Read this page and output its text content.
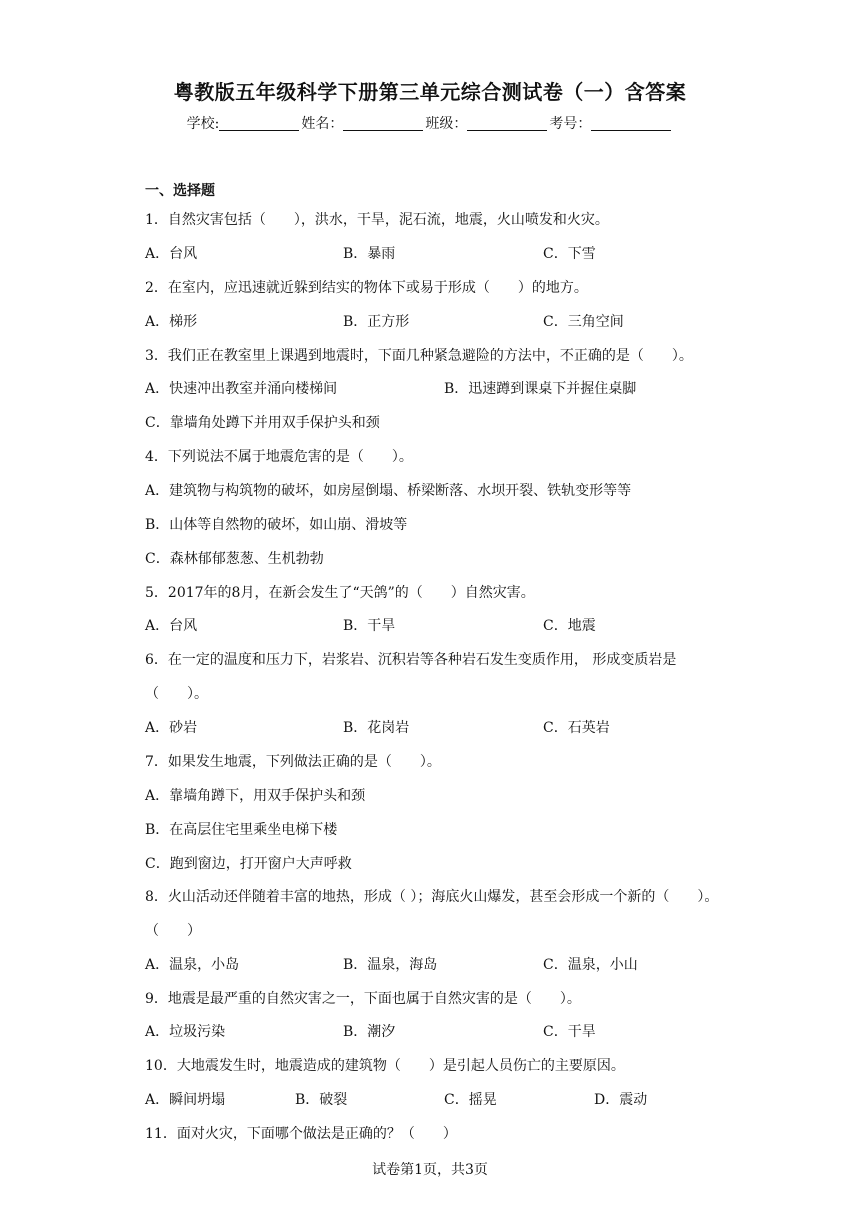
粤教版五年级科学下册第三单元综合测试卷（一）含答案
学校:	姓名：	班级：	考号：
一、选择题
1．自然灾害包括（　　），洪水，干旱，泥石流，地震，火山喷发和火灾。
A．台风	B．暴雨	C．下雪
2．在室内，应迅速就近躲到结实的物体下或易于形成（　　）的地方。
A．梯形	B．正方形	C．三角空间
3．我们正在教室里上课遇到地震时，下面几种紧急避险的方法中，不正确的是（　　）。
A．快速冲出教室并涌向楼梯间	B．迅速蹲到课桌下并握住桌脚
C．靠墙角处蹲下并用双手保护头和颈
4．下列说法不属于地震危害的是（　　）。
A．建筑物与构筑物的破坏，如房屋倒塌、桥梁断落、水坝开裂、铁轨变形等等
B．山体等自然物的破坏，如山崩、滑坡等
C．森林郁郁葱葱、生机勃勃
5．2017年的8月，在新会发生了“天鸽”的（　　）自然灾害。
A．台风	B．干旱	C．地震
6．在一定的温度和压力下，岩浆岩、沉积岩等各种岩石发生变质作用， 形成变质岩是
（　　）。
A．砂岩	B．花岗岩	C．石英岩
7．如果发生地震，下列做法正确的是（　　）。
A．靠墙角蹲下，用双手保护头和颈
B．在高层住宅里乘坐电梯下楼
C．跑到窗边，打开窗户大声呼救
8．火山活动还伴随着丰富的地热，形成（ ）；海底火山爆发，甚至会形成一个新的（　　）。
（　　）
A．温泉，小岛	B．温泉，海岛	C．温泉，小山
9．地震是最严重的自然灾害之一，下面也属于自然灾害的是（　　）。
A．垃圾污染	B．潮汐	C．干旱
10．大地震发生时，地震造成的建筑物（　　）是引起人员伤亡的主要原因。
A．瞬间坍塌	B．破裂	C．摇晃	D．震动
11．面对火灾，下面哪个做法是正确的？（　　）
试卷第1页，共3页
